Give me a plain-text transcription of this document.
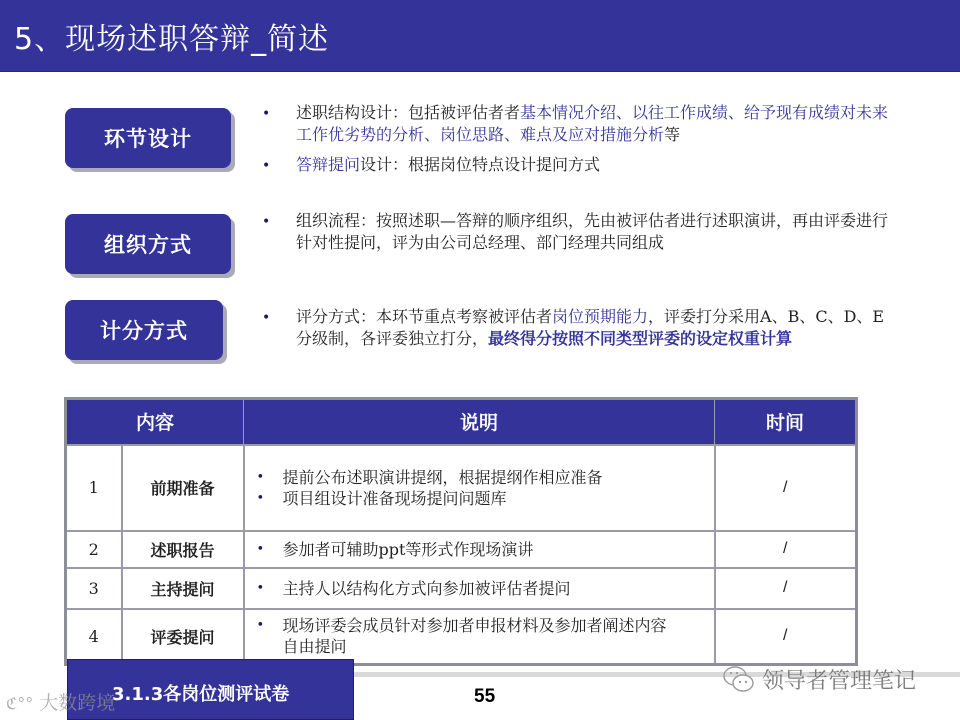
5、现场述职答辩_简述
环节设计
组织方式
计分方式
• 述职结构设计：包括被评估者者基本情况介绍、以往工作成绩、给予现有成绩对未来工作优劣势的分析、岗位思路、难点及应对措施分析等
• 答辩提问设计：根据岗位特点设计提问方式
• 组织流程：按照述职—答辩的顺序组织，先由被评估者进行述职演讲，再由评委进行针对性提问，评为由公司总经理、部门经理共同组成
• 评分方式：本环节重点考察被评估者岗位预期能力，评委打分采用A、B、C、D、E分级制，各评委独立打分，最终得分按照不同类型评委的设定权重计算
内容		说明	时间
1	前期准备	• 提前公布述职演讲提纲，根据提纲作相应准备
• 项目组设计准备现场提问问题库	/
2	述职报告	• 参加者可辅助ppt等形式作现场演讲	/
3	主持提问	• 主持人以结构化方式向参加被评估者提问	/
4	评委提问	• 现场评委会成员针对参加者申报材料及参加者阐述内容自由提问	/
3.1.3各岗位测评试卷	55
ℭ°° 大数跨境
领导者管理笔记
